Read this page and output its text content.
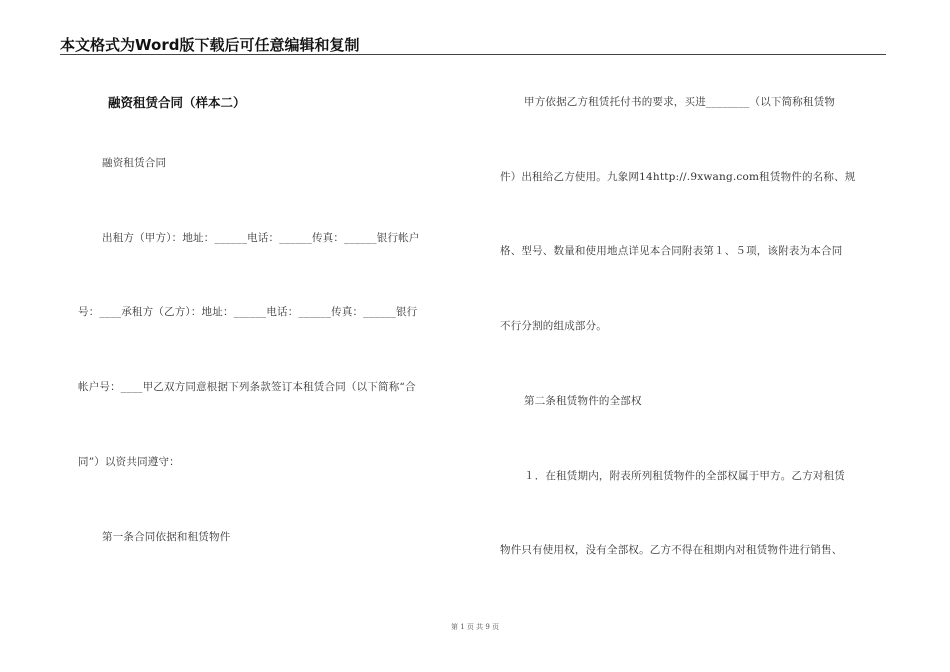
本文格式为Word版下载后可任意编辑和复制
融资租赁合同（样本二）
融资租赁合同
出租方（甲方）：地址：______电话：______传真：______银行帐户
号：____承租方（乙方）：地址：______电话：______传真：______银行
帐户号：____甲乙双方同意根据下列条款签订本租赁合同（以下简称“合
同”）以资共同遵守：
第一条合同依据和租赁物件
甲方依据乙方租赁托付书的要求，买进________（以下简称租赁物
件）出租给乙方使用。九象网14http://.9xwang.com租赁物件的名称、规
格、型号、数量和使用地点详见本合同附表第１、５项，该附表为本合同
不行分割的组成部分。
第二条租赁物件的全部权
１．在租赁期内，附表所列租赁物件的全部权属于甲方。乙方对租赁
物件只有使用权，没有全部权。乙方不得在租期内对租赁物件进行销售、
第 1 页 共 9 页
